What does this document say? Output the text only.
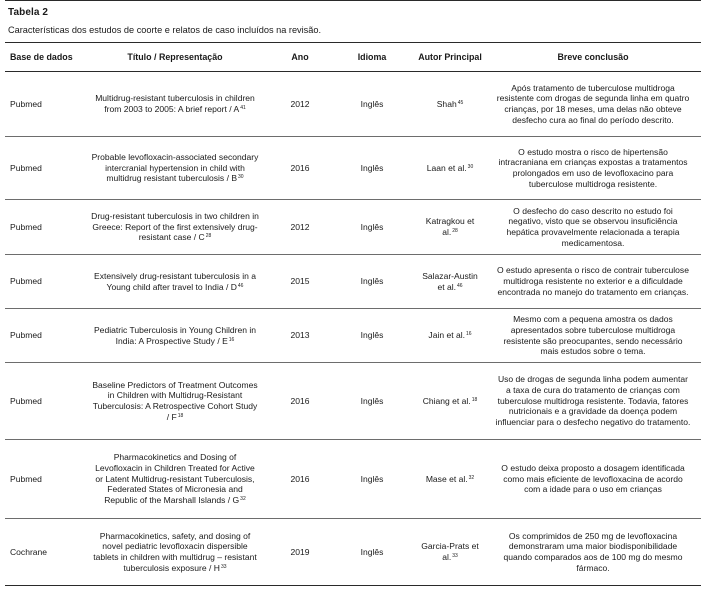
Tabela 2
Características dos estudos de coorte e relatos de caso incluídos na revisão.
Base de dados	Título / Representação	Ano	Idioma	Autor Principal	Breve conclusão
Pubmed	Multidrug-resistant tuberculosis in children from 2003 to 2005: A brief report / $A^{41}$	2012	Inglês	Shah$^{45}$	Após tratamento de tuberculose multidroga resistente com drogas de segunda linha em quatro crianças, por 18 meses, uma delas não obteve desfecho cura ao final do período descrito.
Pubmed	Probable levofloxacin-associated secondary intercranial hypertension in child with multidrug resistant tuberculosis / $B^{30}$	2016	Inglês	Laan et al.$^{30}$	O estudo mostra o risco de hipertensão intracraniana em crianças expostas a tratamentos prolongados em uso de levofloxacino para tuberculose multidroga resistente.
Pubmed	Drug-resistant tuberculosis in two children in Greece: Report of the first extensively drug-resistant case / $C^{28}$	2012	Inglês	Katragkou et al.$^{28}$	O desfecho do caso descrito no estudo foi negativo, visto que se observou insuficiência hepática provavelmente relacionada a terapia medicamentosa.
Pubmed	Extensively drug-resistant tuberculosis in a Young child after travel to India / $D^{46}$	2015	Inglês	Salazar-Austin et al.$^{46}$	O estudo apresenta o risco de contrair tuberculose multidroga resistente no exterior e a dificuldade encontrada no manejo do tratamento em crianças.
Pubmed	Pediatric Tuberculosis in Young Children in India: A Prospective Study / $E^{16}$	2013	Inglês	Jain et al.$^{16}$	Mesmo com a pequena amostra os dados apresentados sobre tuberculose multidroga resistente são preocupantes, sendo necessário mais estudos sobre o tema.
Pubmed	Baseline Predictors of Treatment Outcomes in Children with Multidrug-Resistant Tuberculosis: A Retrospective Cohort Study / $F^{18}$	2016	Inglês	Chiang et al.$^{18}$	Uso de drogas de segunda linha podem aumentar a taxa de cura do tratamento de crianças com tuberculose multidroga resistente. Todavia, fatores nutricionais e a gravidade da doença podem influenciar para o desfecho negativo do tratamento.
Pubmed	Pharmacokinetics and Dosing of Levofloxacin in Children Treated for Active or Latent Multidrug-resistant Tuberculosis, Federated States of Micronesia and Republic of the Marshall Islands / $G^{32}$	2016	Inglês	Mase et al.$^{32}$	O estudo deixa proposto a dosagem identificada como mais eficiente de levofloxacina de acordo com a idade para o uso em crianças
Cochrane	Pharmacokinetics, safety, and dosing of novel pediatric levofloxacin dispersible tablets in children with multidrug – resistant tuberculosis exposure / $H^{33}$	2019	Inglês	Garcia-Prats et al.$^{33}$	Os comprimidos de 250 mg de levofloxacina demonstraram uma maior biodisponibilidade quando comparados aos de 100 mg do mesmo fármaco.
